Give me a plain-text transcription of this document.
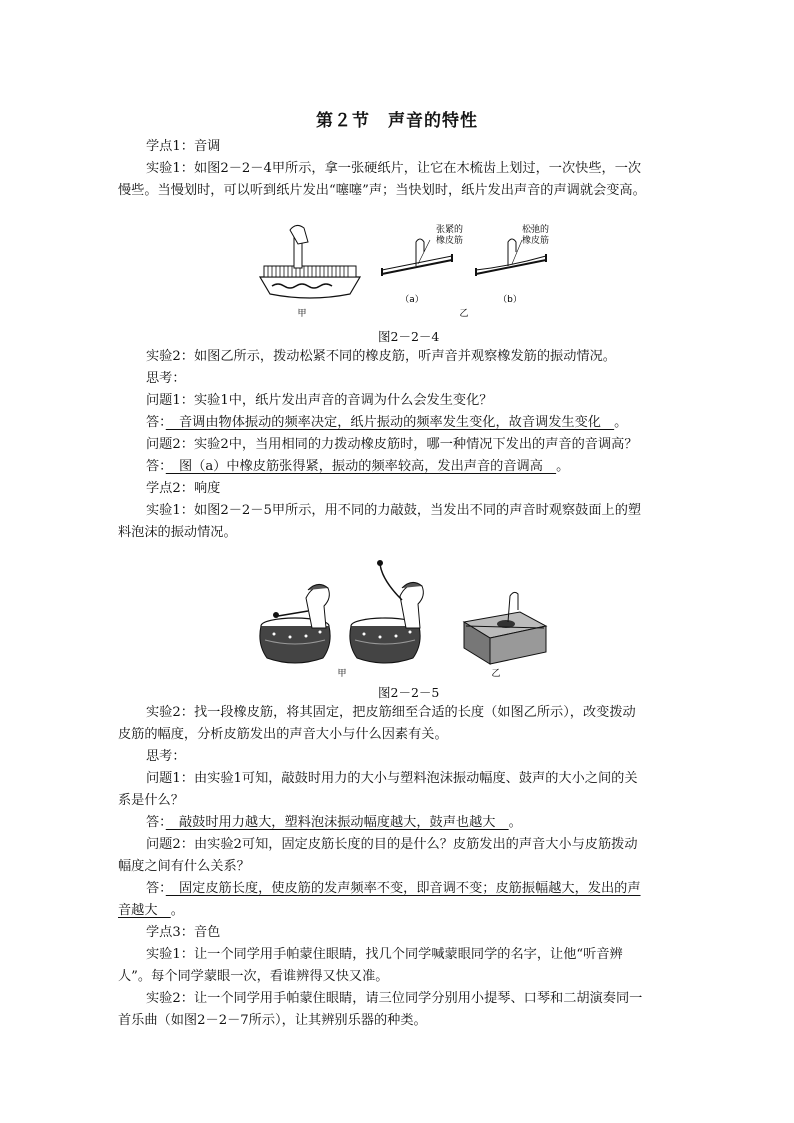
第２节　声音的特性
学点1：音调
实验1：如图2－2－4甲所示，拿一张硬纸片，让它在木梳齿上划过，一次快些，一次
慢些。当慢划时，可以听到纸片发出“噻噻”声；当快划时，纸片发出声音的声调就会变高。
甲
张紧的
橡皮筋
（a）
松弛的
橡皮筋
（b）
乙
图2－2－4
实验2：如图乙所示，拨动松紧不同的橡皮筋，听声音并观察橡发筋的振动情况。
思考：
问题1：实验1中，纸片发出声音的音调为什么会发生变化？
答：　音调由物体振动的频率决定，纸片振动的频率发生变化，故音调发生变化　。
问题2：实验2中，当用相同的力拨动橡皮筋时，哪一种情况下发出的声音的音调高？
答：　图（a）中橡皮筋张得紧，振动的频率较高，发出声音的音调高　。
学点2：响度
实验1：如图2－2－5甲所示，用不同的力敲鼓，当发出不同的声音时观察鼓面上的塑
料泡沫的振动情况。
甲	乙
图2－2－5
实验2：找一段橡皮筋，将其固定，把皮筋细至合适的长度（如图乙所示），改变拨动
皮筋的幅度，分析皮筋发出的声音大小与什么因素有关。
思考：
问题1：由实验1可知，敲鼓时用力的大小与塑料泡沫振动幅度、鼓声的大小之间的关
系是什么？
答：　敲鼓时用力越大，塑料泡沫振动幅度越大，鼓声也越大　。
问题2：由实验2可知，固定皮筋长度的目的是什么？皮筋发出的声音大小与皮筋拨动
幅度之间有什么关系？
答：　固定皮筋长度，使皮筋的发声频率不变，即音调不变；皮筋振幅越大，发出的声
音越大　。
学点3：音色
实验1：让一个同学用手帕蒙住眼睛，找几个同学喊蒙眼同学的名字，让他“听音辨
人”。每个同学蒙眼一次，看谁辨得又快又准。
实验2：让一个同学用手帕蒙住眼睛，请三位同学分别用小提琴、口琴和二胡演奏同一
首乐曲（如图2－2－7所示），让其辨别乐器的种类。
